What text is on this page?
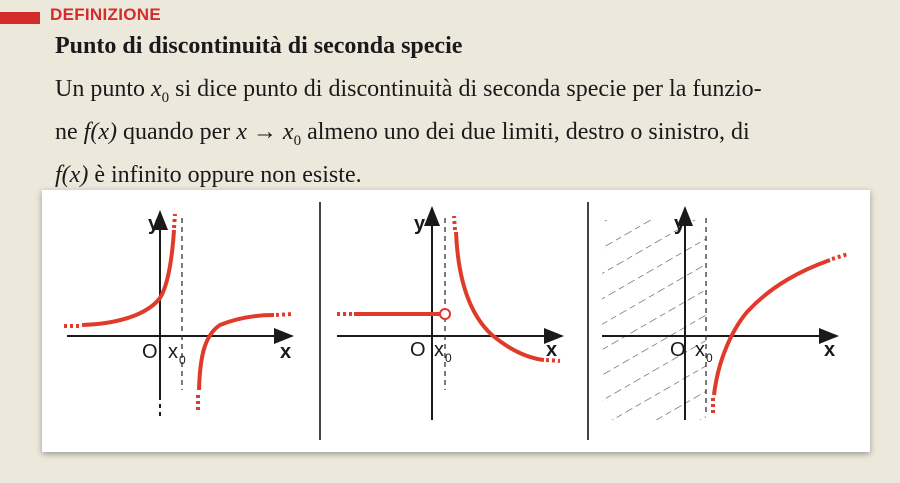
DEFINIZIONE
Punto di discontinuità di seconda specie
Un punto $x_0$ si dice punto di discontinuità di seconda specie per la funzio-
ne f(x) quando per $x \to x_0$ almeno uno dei due limiti, destro o sinistro, di
f(x) è infinito oppure non esiste.
y
x
O x 0
y
x
O x 0
y
x
O x 0
